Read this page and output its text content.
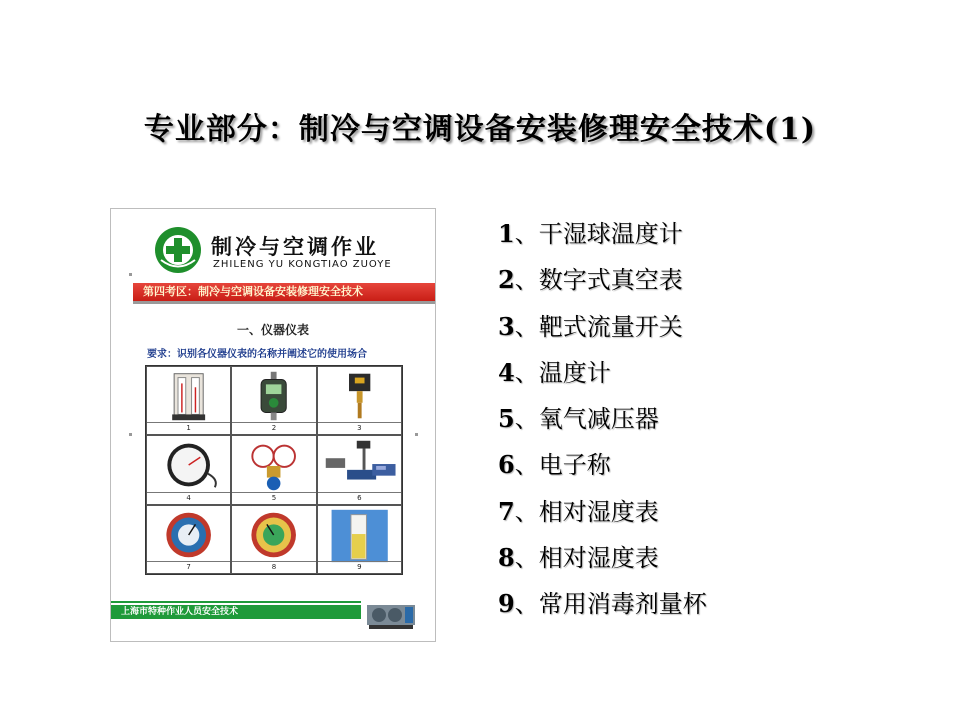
专业部分：制冷与空调设备安装修理安全技术(1)
制冷与空调作业
ZHILENG YU KONGTIAO ZUOYE
第四考区：制冷与空调设备安装修理安全技术
一、仪器仪表
要求：识别各仪器仪表的名称并阐述它的使用场合
1	2	3
4	5	6
7	8	9
上海市特种作业人员安全技术
1、干湿球温度计
2、数字式真空表
3、靶式流量开关
4、温度计
5、氧气减压器
6、电子称
7、相对湿度表
8、相对湿度表
9、常用消毒剂量杯
